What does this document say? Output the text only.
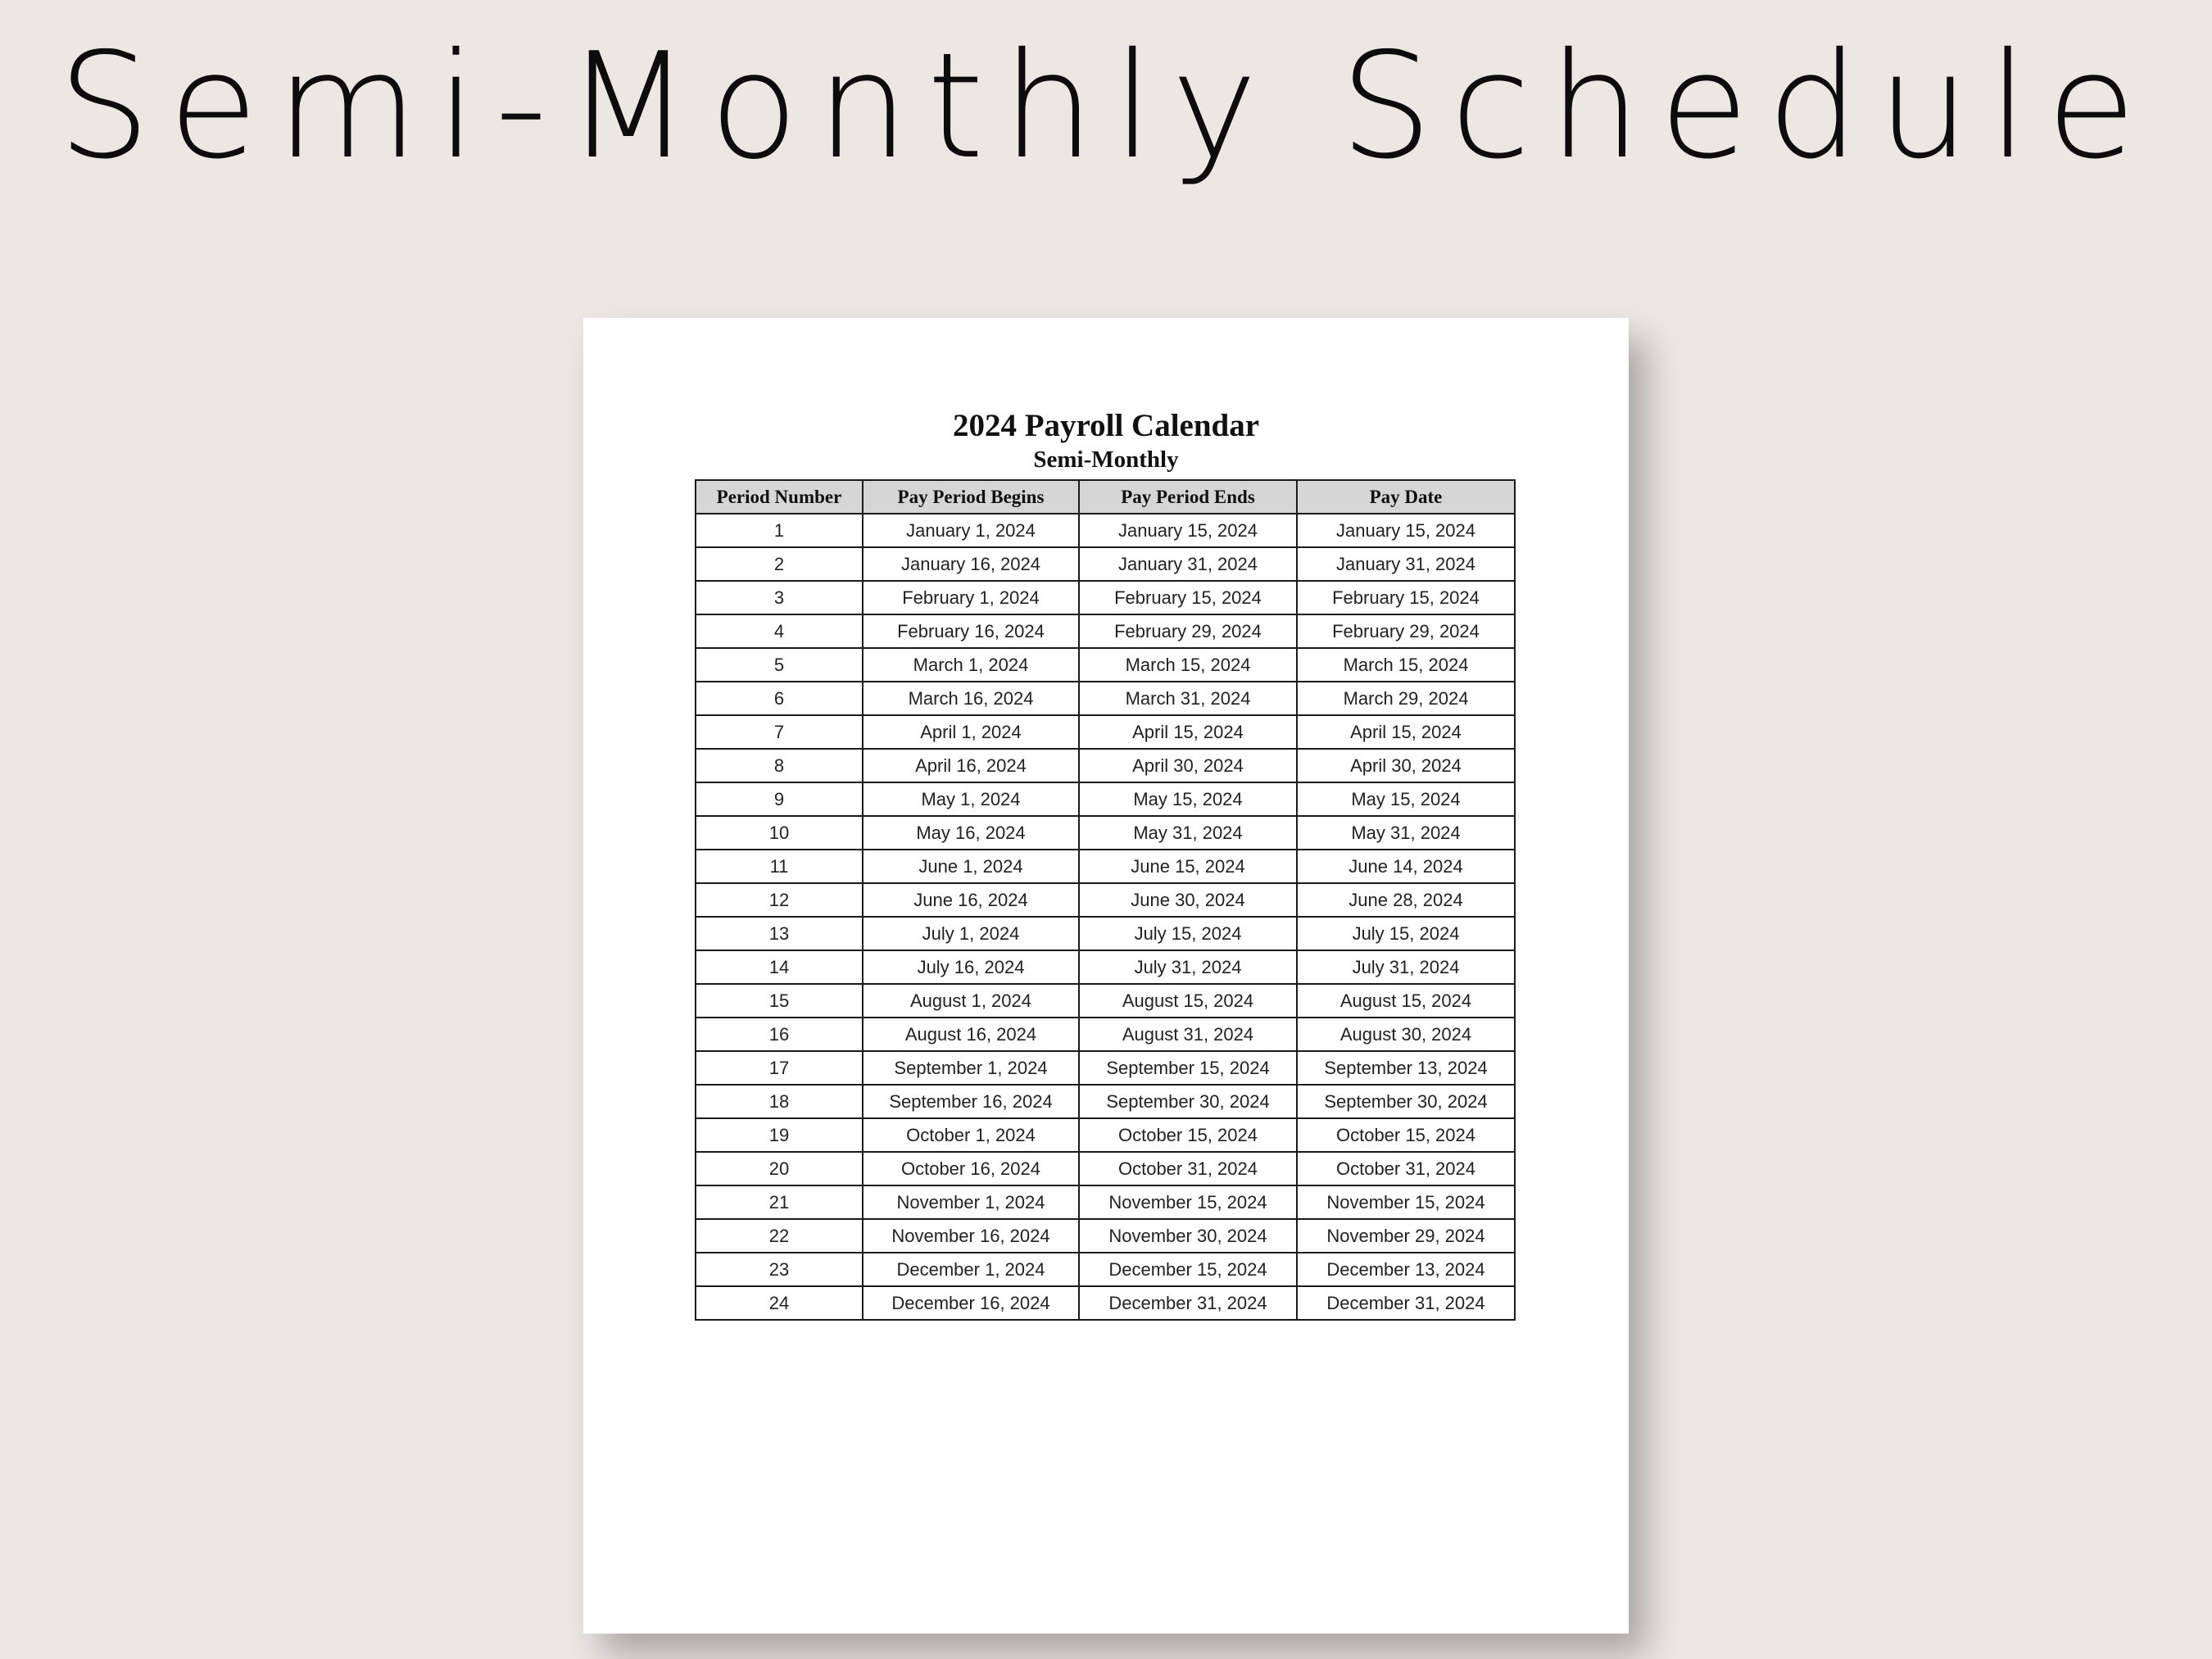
Semi-Monthly Schedule
2024 Payroll Calendar
Semi-Monthly
Period Number	Pay Period Begins	Pay Period Ends	Pay Date
1	January 1, 2024	January 15, 2024	January 15, 2024
2	January 16, 2024	January 31, 2024	January 31, 2024
3	February 1, 2024	February 15, 2024	February 15, 2024
4	February 16, 2024	February 29, 2024	February 29, 2024
5	March 1, 2024	March 15, 2024	March 15, 2024
6	March 16, 2024	March 31, 2024	March 29, 2024
7	April 1, 2024	April 15, 2024	April 15, 2024
8	April 16, 2024	April 30, 2024	April 30, 2024
9	May 1, 2024	May 15, 2024	May 15, 2024
10	May 16, 2024	May 31, 2024	May 31, 2024
11	June 1, 2024	June 15, 2024	June 14, 2024
12	June 16, 2024	June 30, 2024	June 28, 2024
13	July 1, 2024	July 15, 2024	July 15, 2024
14	July 16, 2024	July 31, 2024	July 31, 2024
15	August 1, 2024	August 15, 2024	August 15, 2024
16	August 16, 2024	August 31, 2024	August 30, 2024
17	September 1, 2024	September 15, 2024	September 13, 2024
18	September 16, 2024	September 30, 2024	September 30, 2024
19	October 1, 2024	October 15, 2024	October 15, 2024
20	October 16, 2024	October 31, 2024	October 31, 2024
21	November 1, 2024	November 15, 2024	November 15, 2024
22	November 16, 2024	November 30, 2024	November 29, 2024
23	December 1, 2024	December 15, 2024	December 13, 2024
24	December 16, 2024	December 31, 2024	December 31, 2024
